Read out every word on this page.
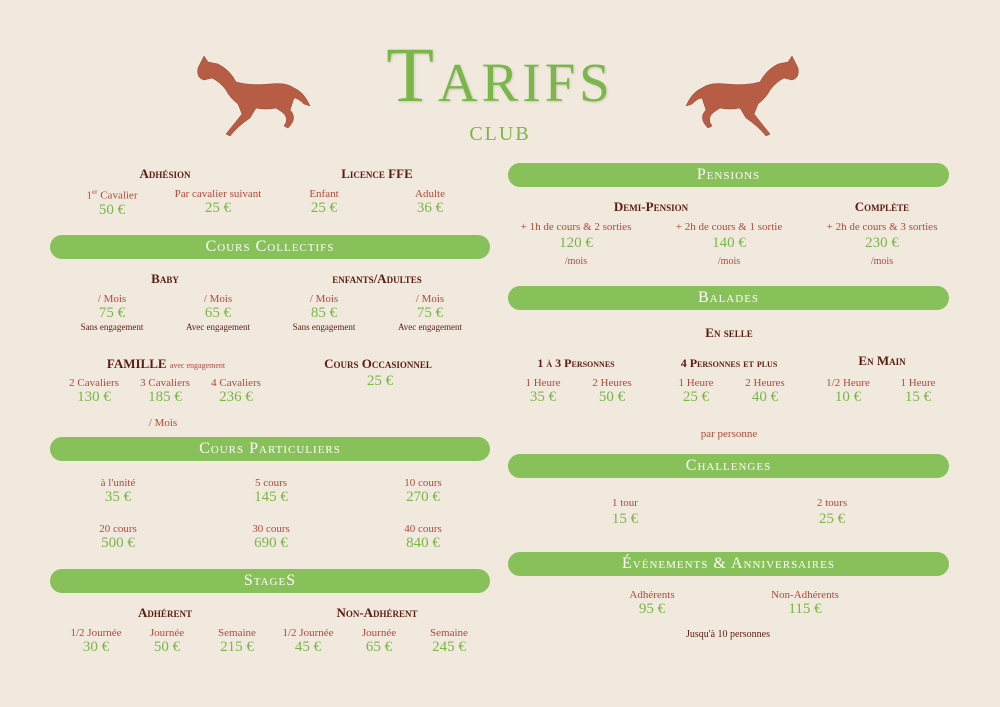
Tarifs
club
Adhésion
1er Cavalier
50 €
Par cavalier suivant
25 €
Licence FFE
Enfant
25 €
Adulte
36 €
Cours Collectifs
Baby
/ Mois
75 €
Sans engagement
/ Mois
65 €
Avec engagement
enfants/Adultes
/ Mois
85 €
Sans engagement
/ Mois
75 €
Avec engagement
FAMILLE avec engagement
2 Cavaliers
130 €
3 Cavaliers
185 €
4 Cavaliers
236 €
/ Mois
Cours Occasionnel
25 €
Cours Particuliers
à l'unité
35 €
5 cours
145 €
10 cours
270 €
20 cours
500 €
30 cours
690 €
40 cours
840 €
StageS
Adhérent
1/2 Journée
30 €
Journée
50 €
Semaine
215 €
Non-Adhérent
1/2 Journée
45 €
Journée
65 €
Semaine
245 €
Pensions
Demi-Pension
+ 1h de cours & 2 sorties
120 €
/mois
+ 2h de cours & 1 sortie
140 €
/mois
Complète
+ 2h de cours & 3 sorties
230 €
/mois
Balades
En selle
1 à 3 Personnes
1 Heure
35 €
2 Heures
50 €
4 Personnes et plus
1 Heure
25 €
2 Heures
40 €
En Main
1/2 Heure
10 €
1 Heure
15 €
par personne
Challenges
1 tour
15 €
2 tours
25 €
Événements & Anniversaires
Adhérents
95 €
Non-Adhérents
115 €
Jusqu'à 10 personnes
